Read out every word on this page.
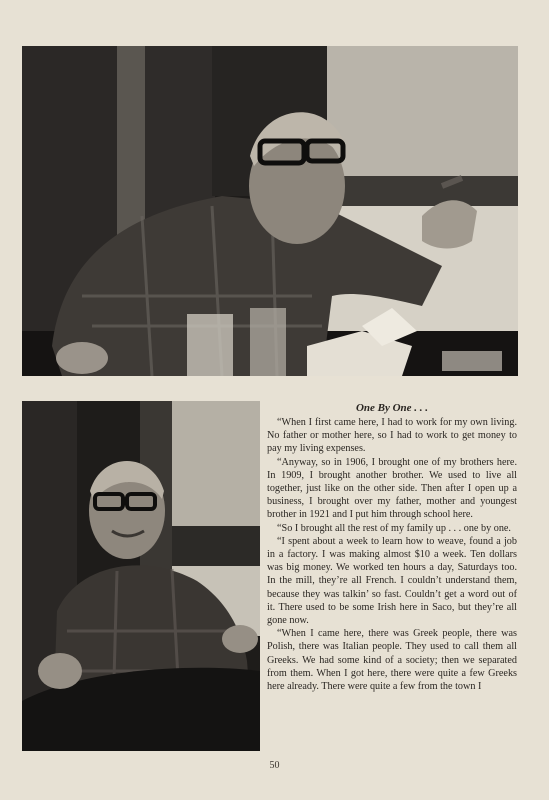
One By One . . .

“When I first came here, I had to work for my own living. No father or mother here, so I had to work to get money to pay my living expenses.

“Anyway, so in 1906, I brought one of my brothers here. In 1909, I brought another brother. We used to live all together, just like on the other side. Then after I open up a business, I brought over my father, mother and youngest brother in 1921 and I put him through school here.

“So I brought all the rest of my family up . . . one by one.

“I spent about a week to learn how to weave, found a job in a factory. I was making almost $10 a week. Ten dollars was big money. We worked ten hours a day, Saturdays too. In the mill, they’re all French. I couldn’t understand them, because they was talkin’ so fast. Couldn’t get a word out of it. There used to be some Irish here in Saco, but they’re all gone now.

“When I came here, there was Greek people, there was Polish, there was Italian people. They used to call them all Greeks. We had some kind of a society; then we separated from them. When I got here, there were quite a few Greeks here already. There were quite a few from the town I

50
